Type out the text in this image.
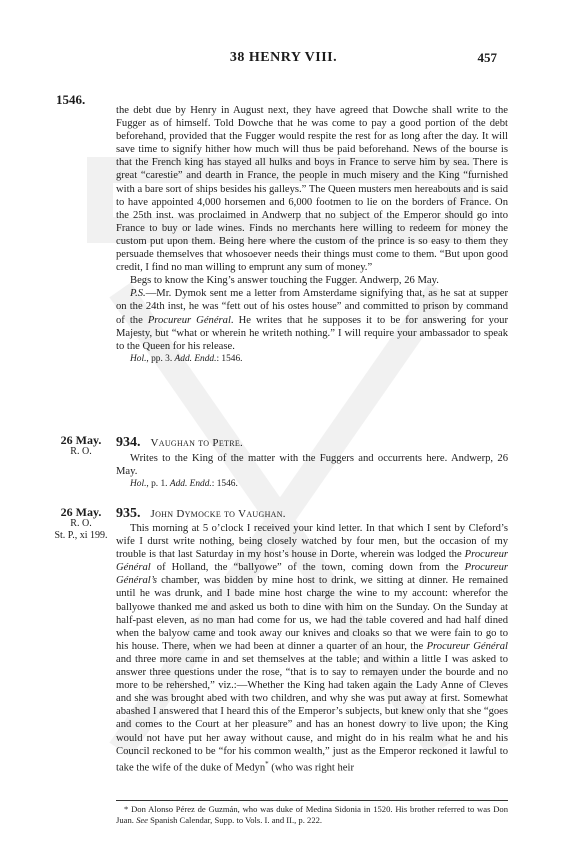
38 HENRY VIII.	457
1546.

the debt due by Henry in August next, they have agreed that Dowche shall write to the Fugger as of himself. Told Dowche that he was come to pay a good portion of the debt beforehand, provided that the Fugger would respite the rest for as long after the day. It will save time to signify hither how much will thus be paid beforehand. News of the bourse is that the French king has stayed all hulks and boys in France to serve him by sea. There is great “carestie” and dearth in France, the people in much misery and the King “furnished with a bare sort of ships besides his galleys.” The Queen musters men hereabouts and is said to have appointed 4,000 horsemen and 6,000 footmen to lie on the borders of France. On the 25th inst. was proclaimed in Andwerp that no subject of the Emperor should go into France to buy or lade wines. Finds no merchants here willing to redeem for money the custom put upon them. Being here where the custom of the prince is so easy to them they persuade themselves that whosoever needs their things must come to them. “But upon good credit, I find no man willing to emprunt any sum of money.”

Begs to know the King’s answer touching the Fugger. Andwerp, 26 May.

P.S.—Mr. Dymok sent me a letter from Amsterdame signifying that, as he sat at supper on the 24th inst, he was “fett out of his ostes house” and committed to prison by command of the Procureur Général. He writes that he supposes it to be for answering for your Majesty, but “what or wherein he writeth nothing.” I will require your ambassador to speak to the Queen for his release.

Hol., pp. 3. Add. Endd.: 1546.

26 May.
R. O.
934. Vaughan to Petre.

Writes to the King of the matter with the Fuggers and occurrents here. Andwerp, 26 May.

Hol., p. 1. Add. Endd.: 1546.

26 May.
R. O.
St. P., xi 199.
935. John Dymocke to Vaughan.

This morning at 5 o’clock I received your kind letter. In that which I sent by Cleford’s wife I durst write nothing, being closely watched by four men, but the occasion of my trouble is that last Saturday in my host’s house in Dorte, wherein was lodged the Procureur Général of Holland, the “ballyowe” of the town, coming down from the Procureur Général’s chamber, was bidden by mine host to drink, we sitting at dinner. He remained until he was drunk, and I bade mine host charge the wine to my account: wherefor the ballyowe thanked me and asked us both to dine with him on the Sunday. On the Sunday at half-past eleven, as no man had come for us, we had the table covered and had half dined when the balyow came and took away our knives and cloaks so that we were fain to go to his house. There, when we had been at dinner a quarter of an hour, the Procureur Général and three more came in and set themselves at the table; and within a little I was asked to answer three questions under the rose, “that is to say to remayen under the bourde and no more to be rehershed,” viz.:—Whether the King had taken again the Lady Anne of Cleves and she was brought abed with two children, and why she was put away at first. Somewhat abashed I answered that I heard this of the Emperor’s subjects, but knew only that she “goes and comes to the Court at her pleasure” and has an honest dowry to live upon; the King would not have put her away without cause, and might do in his realm what he and his Council reckoned to be “for his common wealth,” just as the Emperor reckoned it lawful to take the wife of the duke of Medyn* (who was right heir

* Don Alonso Pérez de Guzmán, who was duke of Medina Sidonia in 1520. His brother referred to was Don Juan. See Spanish Calendar, Supp. to Vols. I. and II., p. 222.
